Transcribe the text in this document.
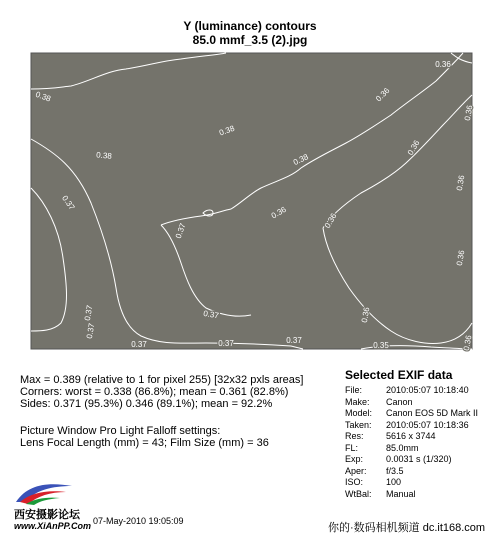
Y (luminance) contours
85.0 mmf_3.5 (2).jpg
0.36
0.38
0.38
0.38	0.38
0.37
0.37
0.37
0.37
0.37
0.37
0.37
0.37
0.36
0.36
0.36
0.36
0.36
0.36
0.36
0.35	0.36
0.36
Max = 0.389 (relative to 1 for pixel 255) [32x32 pxls areas]
Corners: worst = 0.338 (86.8%); mean = 0.361 (82.8%)
Sides: 0.371 (95.3%) 0.346 (89.1%); mean = 92.2%
Picture Window Pro Light Falloff settings:
Lens Focal Length (mm) = 43; Film Size (mm) = 36
Selected EXIF data
File:	2010:05:07 10:18:40
Make:	Canon
Model:	Canon EOS 5D Mark II
Taken:	2010:05:07 10:18:36
Res:	5616 x 3744
FL:	85.0mm
Exp:	0.0031 s (1/320)
Aper:	f/3.5
ISO:	100
WtBal:	Manual
西安摄影论坛
www.XiAnPP.Com 07-May-2010 19:05:09
你的·数码相机频道 dc.it168.com
